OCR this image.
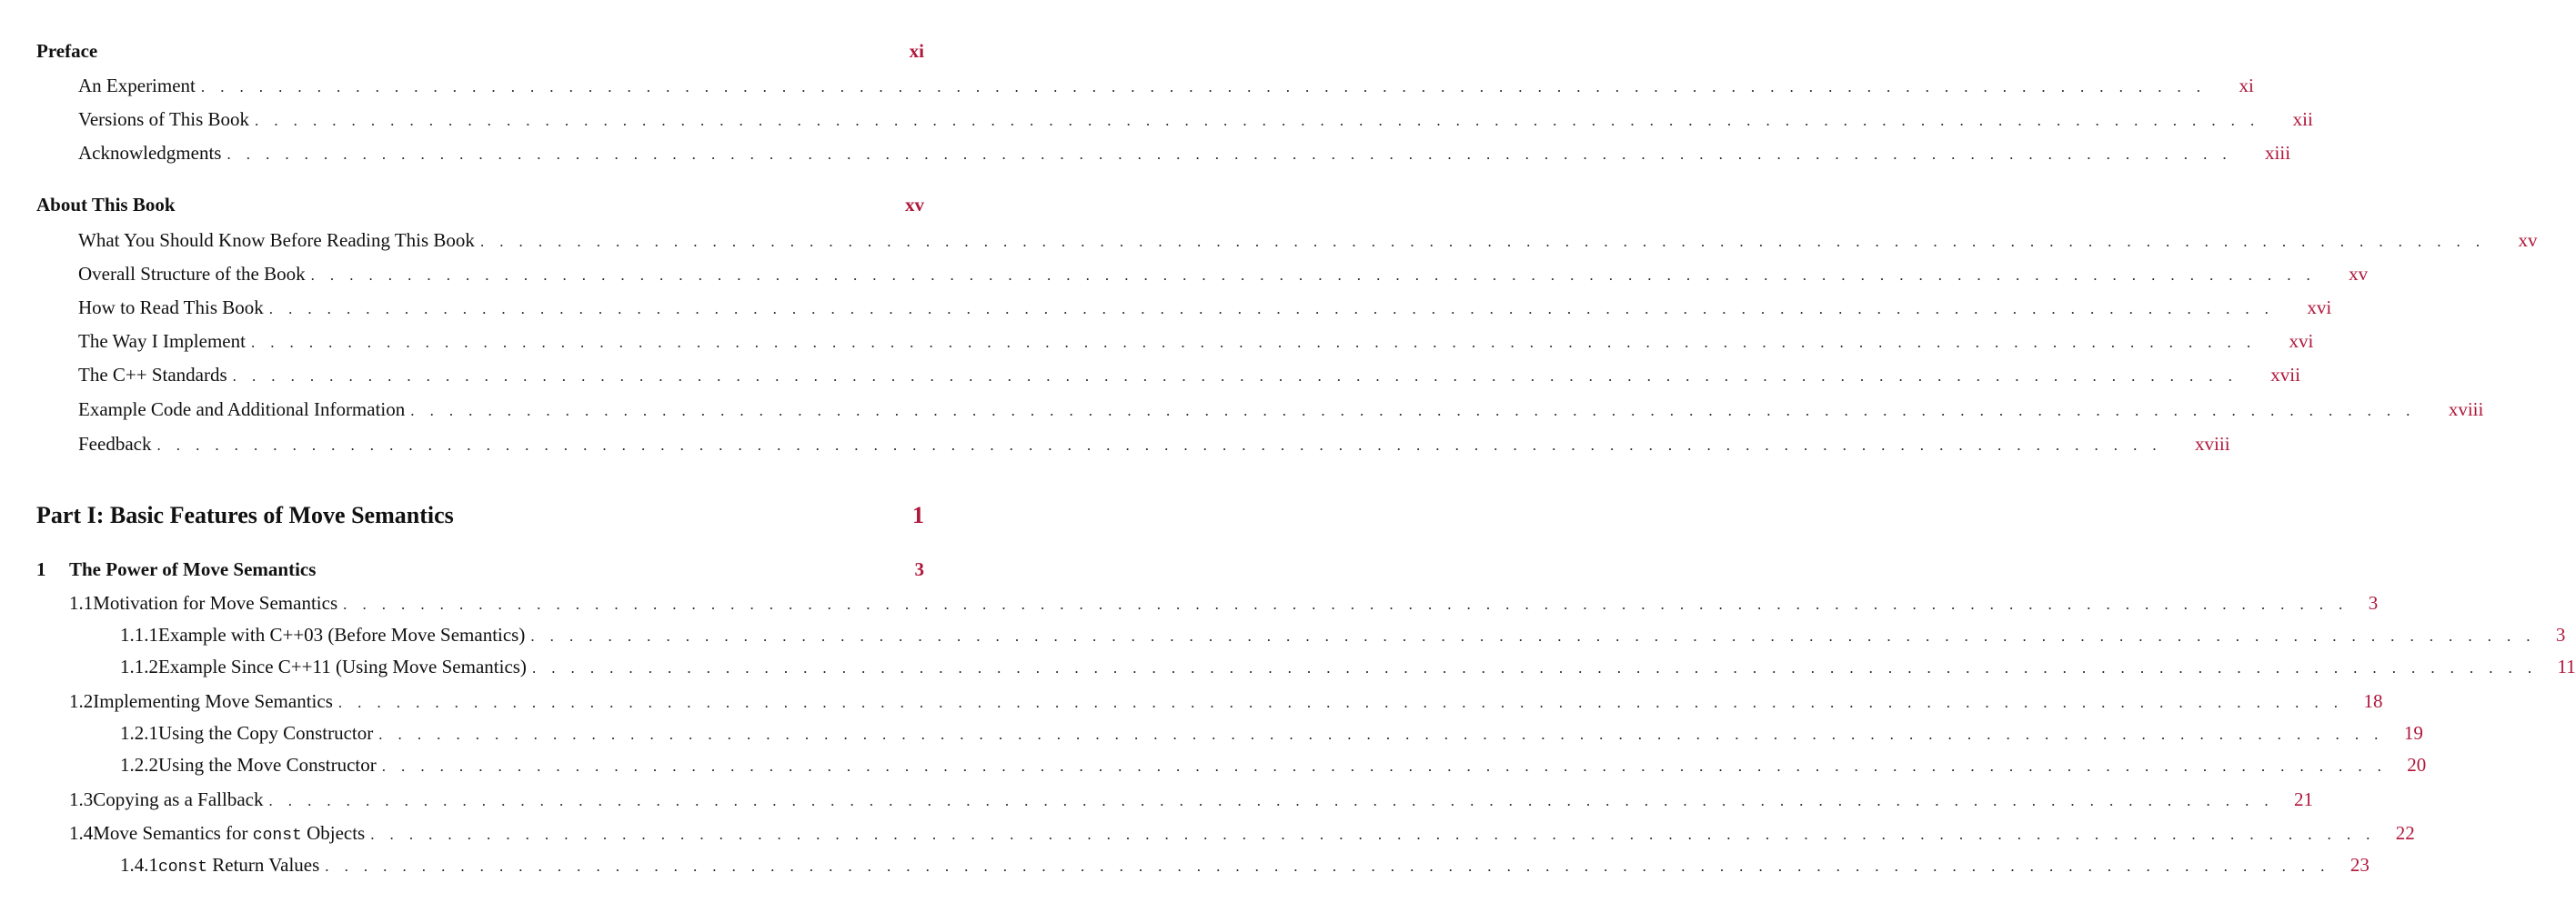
Preface	xi
An Experiment . . . . . . . . . . . . . . . . . . . . . . . . . . . . . . . . . . . . . . . . . . . . . . . . . . . . . . . . . . . . . . . . . . . . . . . . . . . . . . . . . . . . . . . . . . . . . . . . . . . . . . . . xi
Versions of This Book . . . . . . . . . . . . . . . . . . . . . . . . . . . . . . . . . . . . . . . . . . . . . . . . . . . . . . . . . . . . . . . . . . . . . . . . . . . . . . . . . . . . . . . . . . . . . . . . . . . . . . . . xii
Acknowledgments . . . . . . . . . . . . . . . . . . . . . . . . . . . . . . . . . . . . . . . . . . . . . . . . . . . . . . . . . . . . . . . . . . . . . . . . . . . . . . . . . . . . . . . . . . . . . . . . . . . . . . . . xiii
About This Book	xv
What You Should Know Before Reading This Book . . . . . . . . . . . . . . . . . . . . . . . . . . . . . . . . . . . . . . . . . . . . . . . . . . . . . . . . . . . . . . . . . . . . . . . . . . . . . . . . . . . . . . . . . . . . . . . . . . . . . . . . xv
Overall Structure of the Book . . . . . . . . . . . . . . . . . . . . . . . . . . . . . . . . . . . . . . . . . . . . . . . . . . . . . . . . . . . . . . . . . . . . . . . . . . . . . . . . . . . . . . . . . . . . . . . . . . . . . . . . xv
How to Read This Book . . . . . . . . . . . . . . . . . . . . . . . . . . . . . . . . . . . . . . . . . . . . . . . . . . . . . . . . . . . . . . . . . . . . . . . . . . . . . . . . . . . . . . . . . . . . . . . . . . . . . . . . xvi
The Way I Implement . . . . . . . . . . . . . . . . . . . . . . . . . . . . . . . . . . . . . . . . . . . . . . . . . . . . . . . . . . . . . . . . . . . . . . . . . . . . . . . . . . . . . . . . . . . . . . . . . . . . . . . . xvi
The C++ Standards . . . . . . . . . . . . . . . . . . . . . . . . . . . . . . . . . . . . . . . . . . . . . . . . . . . . . . . . . . . . . . . . . . . . . . . . . . . . . . . . . . . . . . . . . . . . . . . . . . . . . . . . xvii
Example Code and Additional Information . . . . . . . . . . . . . . . . . . . . . . . . . . . . . . . . . . . . . . . . . . . . . . . . . . . . . . . . . . . . . . . . . . . . . . . . . . . . . . . . . . . . . . . . . . . . . . . . . . . . . . . . xviii
Feedback . . . . . . . . . . . . . . . . . . . . . . . . . . . . . . . . . . . . . . . . . . . . . . . . . . . . . . . . . . . . . . . . . . . . . . . . . . . . . . . . . . . . . . . . . . . . . . . . . . . . . . . . xviii
Part I: Basic Features of Move Semantics	1
1	The Power of Move Semantics	3
1.1 Motivation for Move Semantics . . . . . . . . . . . . . . . . . . . . . . . . . . . . . . . . . . . . . . . . . . . . . . . . . . . . . . . . . . . . . . . . . . . . . . . . . . . . . . . . . . . . . . . . . . . . . . . . . . . . . . . . 3
1.1.1 Example with C++03 (Before Move Semantics) . . . . . . . . . . . . . . . . . . . . . . . . . . . . . . . . . . . . . . . . . . . . . . . . . . . . . . . . . . . . . . . . . . . . . . . . . . . . . . . . . . . . . . . . . . . . . . . . . . . . . . . . 3
1.1.2 Example Since C++11 (Using Move Semantics) . . . . . . . . . . . . . . . . . . . . . . . . . . . . . . . . . . . . . . . . . . . . . . . . . . . . . . . . . . . . . . . . . . . . . . . . . . . . . . . . . . . . . . . . . . . . . . . . . . . . . . . . 11
1.2 Implementing Move Semantics . . . . . . . . . . . . . . . . . . . . . . . . . . . . . . . . . . . . . . . . . . . . . . . . . . . . . . . . . . . . . . . . . . . . . . . . . . . . . . . . . . . . . . . . . . . . . . . . . . . . . . . . 18
1.2.1 Using the Copy Constructor . . . . . . . . . . . . . . . . . . . . . . . . . . . . . . . . . . . . . . . . . . . . . . . . . . . . . . . . . . . . . . . . . . . . . . . . . . . . . . . . . . . . . . . . . . . . . . . . . . . . . . . . 19
1.2.2 Using the Move Constructor . . . . . . . . . . . . . . . . . . . . . . . . . . . . . . . . . . . . . . . . . . . . . . . . . . . . . . . . . . . . . . . . . . . . . . . . . . . . . . . . . . . . . . . . . . . . . . . . . . . . . . . . 20
1.3 Copying as a Fallback . . . . . . . . . . . . . . . . . . . . . . . . . . . . . . . . . . . . . . . . . . . . . . . . . . . . . . . . . . . . . . . . . . . . . . . . . . . . . . . . . . . . . . . . . . . . . . . . . . . . . . . . 21
1.4 Move Semantics for const Objects . . . . . . . . . . . . . . . . . . . . . . . . . . . . . . . . . . . . . . . . . . . . . . . . . . . . . . . . . . . . . . . . . . . . . . . . . . . . . . . . . . . . . . . . . . . . . . . . . . . . . . . . 22
1.4.1 const Return Values . . . . . . . . . . . . . . . . . . . . . . . . . . . . . . . . . . . . . . . . . . . . . . . . . . . . . . . . . . . . . . . . . . . . . . . . . . . . . . . . . . . . . . . . . . . . . . . . . . . . . . . . 23
